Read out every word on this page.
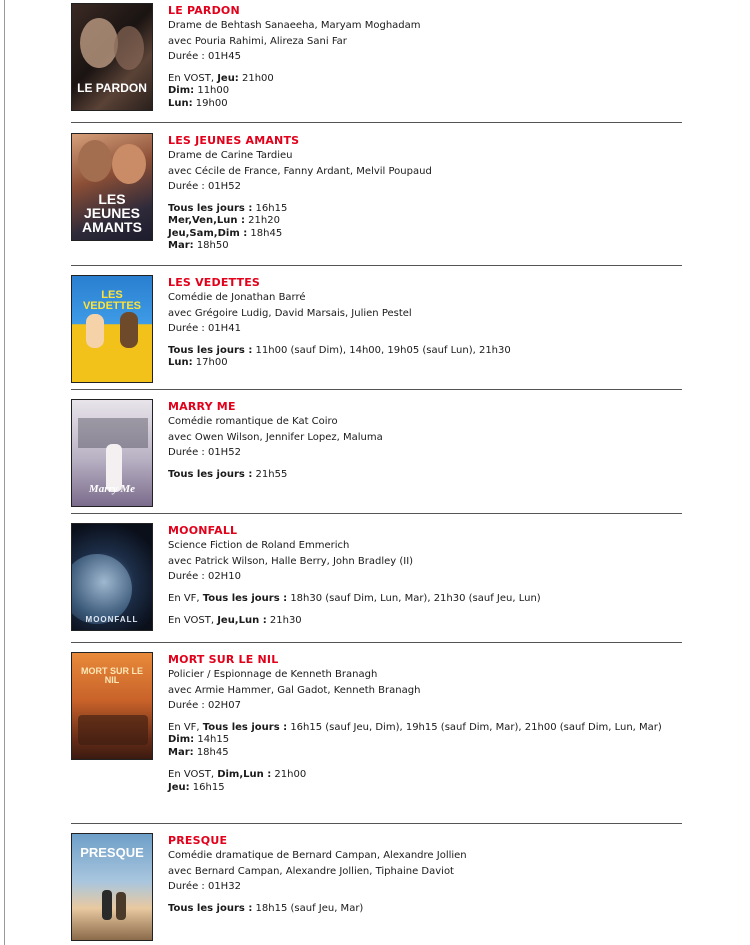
LE PARDON
LE PARDON
Drame de Behtash Sanaeeha, Maryam Moghadam
avec Pouria Rahimi, Alireza Sani Far
Durée : 01H45
En VOST, Jeu: 21h00
Dim: 11h00
Lun: 19h00
LES JEUNES AMANTS
LES JEUNES AMANTS
Drame de Carine Tardieu
avec Cécile de France, Fanny Ardant, Melvil Poupaud
Durée : 01H52
Tous les jours : 16h15
Mer,Ven,Lun : 21h20
Jeu,Sam,Dim : 18h45
Mar: 18h50
LES VEDETTES
LES VEDETTES
Comédie de Jonathan Barré
avec Grégoire Ludig, David Marsais, Julien Pestel
Durée : 01H41
Tous les jours : 11h00 (sauf Dim), 14h00, 19h05 (sauf Lun), 21h30
Lun: 17h00
Marry Me
MARRY ME
Comédie romantique de Kat Coiro
avec Owen Wilson, Jennifer Lopez, Maluma
Durée : 01H52
Tous les jours : 21h55
MOONFALL
MOONFALL
Science Fiction de Roland Emmerich
avec Patrick Wilson, Halle Berry, John Bradley (II)
Durée : 02H10
En VF, Tous les jours : 18h30 (sauf Dim, Lun, Mar), 21h30 (sauf Jeu, Lun)
En VOST, Jeu,Lun : 21h30
MORT SUR LE NIL
MORT SUR LE NIL
Policier / Espionnage de Kenneth Branagh
avec Armie Hammer, Gal Gadot, Kenneth Branagh
Durée : 02H07
En VF, Tous les jours : 16h15 (sauf Jeu, Dim), 19h15 (sauf Dim, Mar), 21h00 (sauf Dim, Lun, Mar)
Dim: 14h15
Mar: 18h45
En VOST, Dim,Lun : 21h00
Jeu: 16h15
PRESQUE
PRESQUE
Comédie dramatique de Bernard Campan, Alexandre Jollien
avec Bernard Campan, Alexandre Jollien, Tiphaine Daviot
Durée : 01H32
Tous les jours : 18h15 (sauf Jeu, Mar)
